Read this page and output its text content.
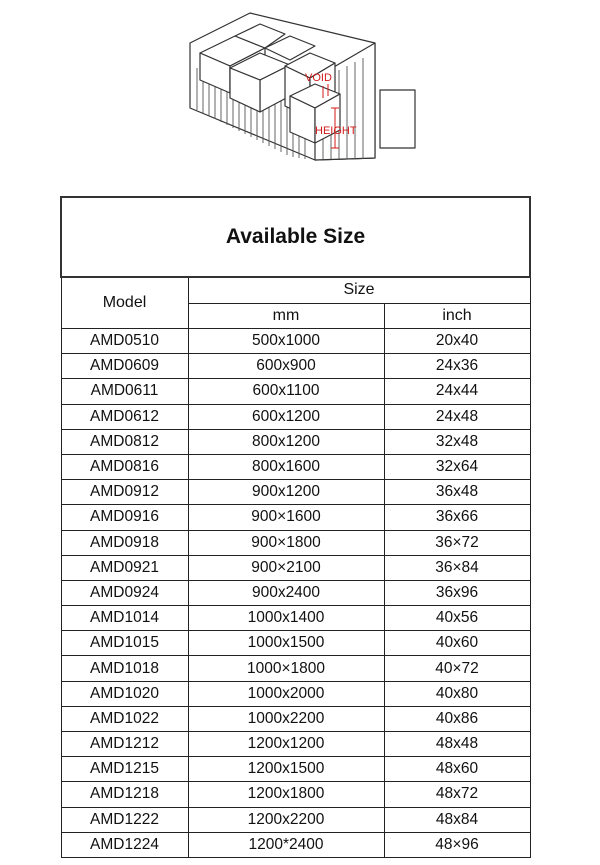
VOID
HEIGHT
Available Size		
Model	Size	
	mm	inch
AMD0510	500x1000	20x40
AMD0609	600x900	24x36
AMD0611	600x1100	24x44
AMD0612	600x1200	24x48
AMD0812	800x1200	32x48
AMD0816	800x1600	32x64
AMD0912	900x1200	36x48
AMD0916	900×1600	36x66
AMD0918	900×1800	36×72
AMD0921	900×2100	36×84
AMD0924	900x2400	36x96
AMD1014	1000x1400	40x56
AMD1015	1000x1500	40x60
AMD1018	1000×1800	40×72
AMD1020	1000x2000	40x80
AMD1022	1000x2200	40x86
AMD1212	1200x1200	48x48
AMD1215	1200x1500	48x60
AMD1218	1200x1800	48x72
AMD1222	1200x2200	48x84
AMD1224	1200*2400	48×96
